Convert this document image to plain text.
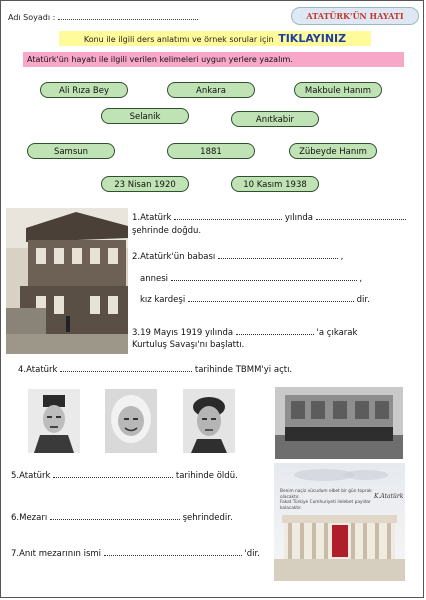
Adı Soyadı :	ATATÜRK'ÜN HAYATI
Konu ile ilgili ders anlatımı ve örnek sorular için TIKLAYINIZ
Atatürk'ün hayatı ile ilgili verilen kelimeleri uygun yerlere yazalım.
Ali Rıza Bey	Ankara	Makbule Hanım
Selanik	Anıtkabir
Samsun	1881	Zübeyde Hanım
23 Nisan 1920	10 Kasım 1938
1.Atatürk	yılında
şehrinde doğdu.
2.Atatürk'ün babası	,
annesi	,
kız kardeşi	dir.
3.19 Mayıs 1919 yılında	'a çıkarak
Kurtuluş Savaşı'nı başlattı.
4.Atatürk	tarihinde TBMM'yi açtı.
5.Atatürk	tarihinde öldü.
6.Mezarı	şehrindedir.
7.Anıt mezarının ismi	'dir.
Benim naçiz vücudum elbet bir gün toprak olacaktır.
Fakat Türkiye Cumhuriyeti ilelebet payidar kalacaktır.
K.Atatürk
